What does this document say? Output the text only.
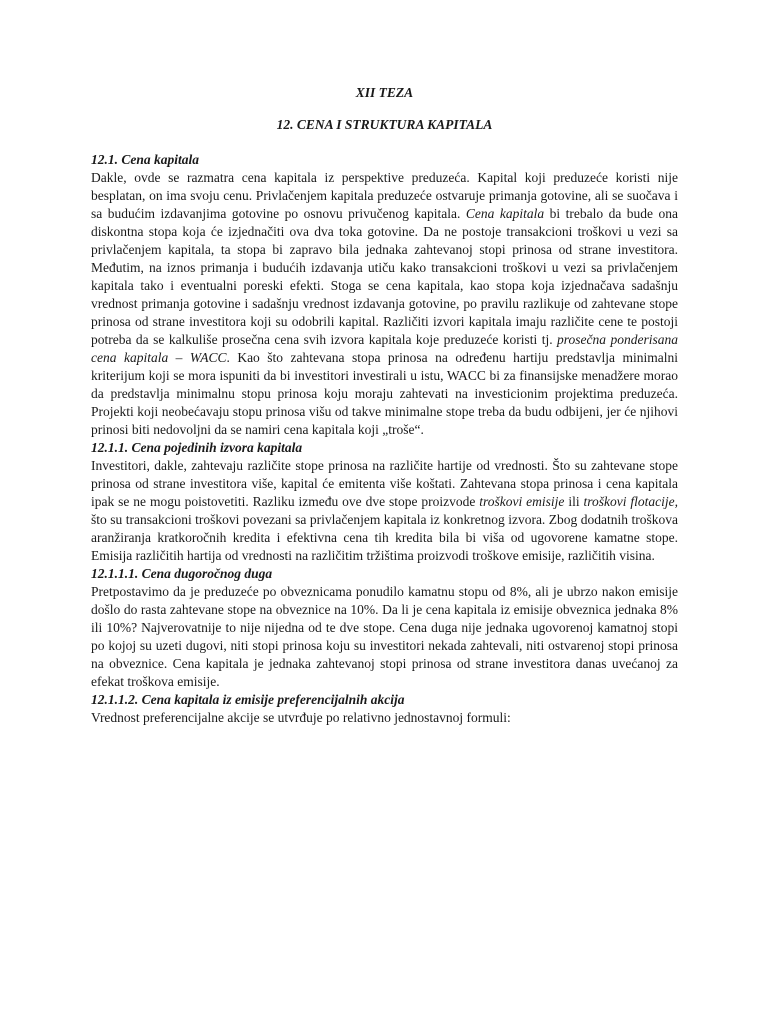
XII TEZA

12. CENA I STRUKTURA KAPITALA

12.1. Cena kapitala

Dakle, ovde se razmatra cena kapitala iz perspektive preduzeća. Kapital koji preduzeće koristi nije besplatan, on ima svoju cenu. Privlačenjem kapitala preduzeće ostvaruje primanja gotovine, ali se suočava i sa budućim izdavanjima gotovine po osnovu privučenog kapitala. Cena kapitala bi trebalo da bude ona diskontna stopa koja će izjednačiti ova dva toka gotovine. Da ne postoje transakcioni troškovi u vezi sa privlačenjem kapitala, ta stopa bi zapravo bila jednaka zahtevanoj stopi prinosa od strane investitora. Međutim, na iznos primanja i budućih izdavanja utiču kako transakcioni troškovi u vezi sa privlačenjem kapitala tako i eventualni poreski efekti. Stoga se cena kapitala, kao stopa koja izjednačava sadašnju vrednost primanja gotovine i sadašnju vrednost izdavanja gotovine, po pravilu razlikuje od zahtevane stope prinosa od strane investitora koji su odobrili kapital. Različiti izvori kapitala imaju različite cene te postoji potreba da se kalkuliše prosečna cena svih izvora kapitala koje preduzeće koristi tj. prosečna ponderisana cena kapitala – WACC. Kao što zahtevana stopa prinosa na određenu hartiju predstavlja minimalni kriterijum koji se mora ispuniti da bi investitori investirali u istu, WACC bi za finansijske menadžere morao da predstavlja minimalnu stopu prinosa koju moraju zahtevati na investicionim projektima preduzeća. Projekti koji neobećavaju stopu prinosa višu od takve minimalne stope treba da budu odbijeni, jer će njihovi prinosi biti nedovoljni da se namiri cena kapitala koji „troše“.

12.1.1. Cena pojedinih izvora kapitala

Investitori, dakle, zahtevaju različite stope prinosa na različite hartije od vrednosti. Što su zahtevane stope prinosa od strane investitora više, kapital će emitenta više koštati. Zahtevana stopa prinosa i cena kapitala ipak se ne mogu poistovetiti. Razliku između ove dve stope proizvode troškovi emisije ili troškovi flotacije, što su transakcioni troškovi povezani sa privlačenjem kapitala iz konkretnog izvora. Zbog dodatnih troškova aranžiranja kratkoročnih kredita i efektivna cena tih kredita bila bi viša od ugovorene kamatne stope. Emisija različitih hartija od vrednosti na različitim tržištima proizvodi troškove emisije, različitih visina.

12.1.1.1. Cena dugoročnog duga

Pretpostavimo da je preduzeće po obveznicama ponudilo kamatnu stopu od 8%, ali je ubrzo nakon emisije došlo do rasta zahtevane stope na obveznice na 10%. Da li je cena kapitala iz emisije obveznica jednaka 8% ili 10%? Najverovatnije to nije nijedna od te dve stope. Cena duga nije jednaka ugovorenoj kamatnoj stopi po kojoj su uzeti dugovi, niti stopi prinosa koju su investitori nekada zahtevali, niti ostvarenoj stopi prinosa na obveznice. Cena kapitala je jednaka zahtevanoj stopi prinosa od strane investitora danas uvećanoj za efekat troškova emisije.

12.1.1.2. Cena kapitala iz emisije preferencijalnih akcija

Vrednost preferencijalne akcije se utvrđuje po relativno jednostavnoj formuli:
